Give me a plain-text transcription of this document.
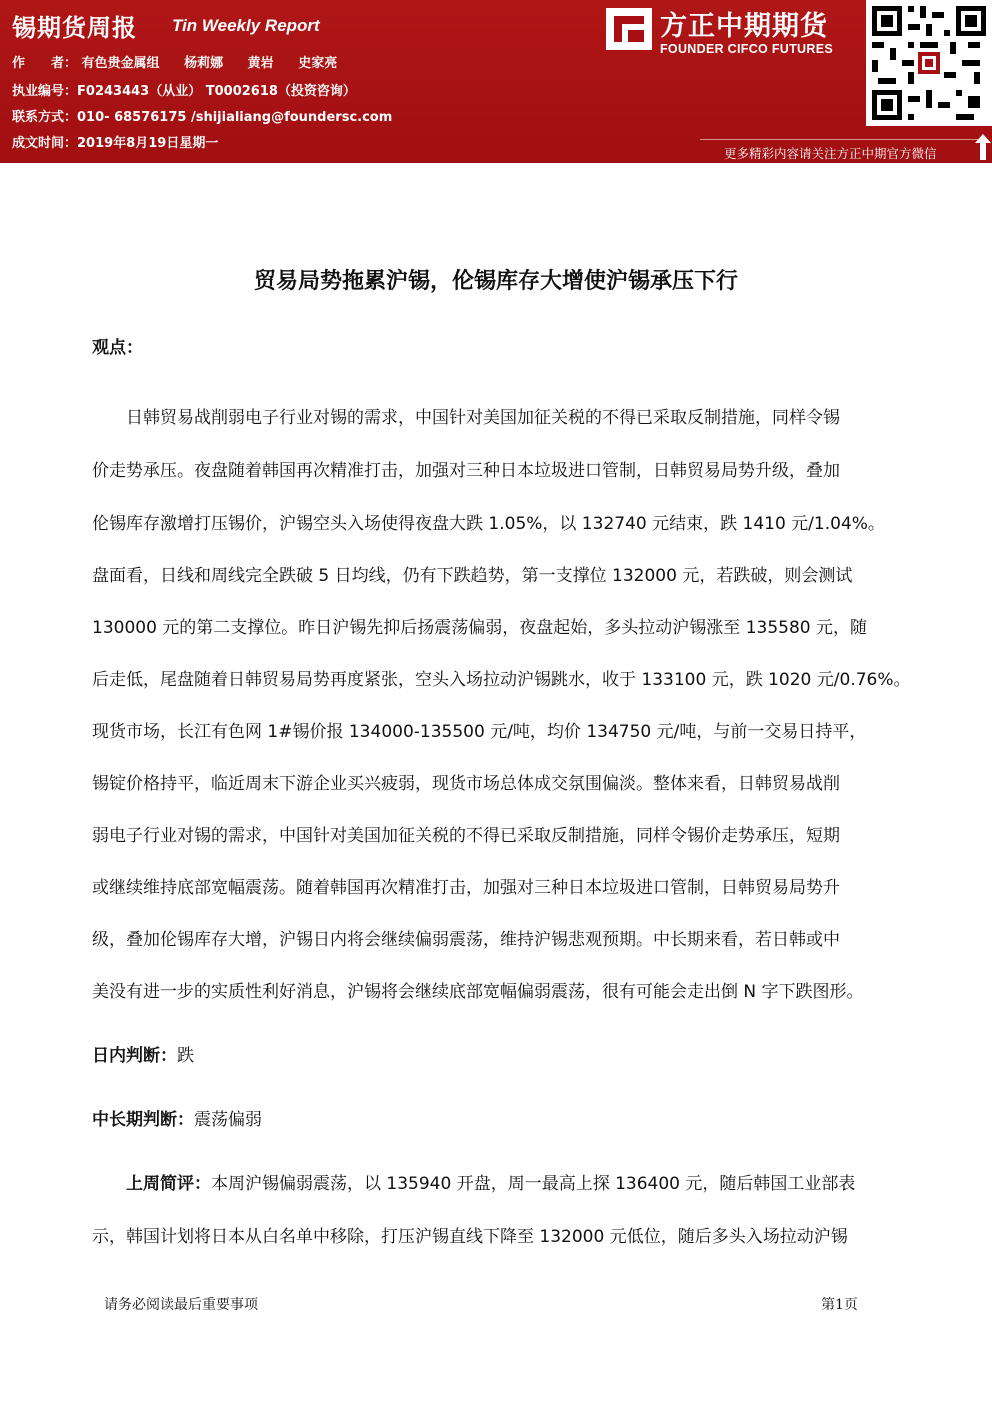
锡期货周报 Tin Weekly Report
作　　者： 有色贵金属组 杨莉娜 黄岩 史家亮
执业编号：F0243443（从业） T0002618（投资咨询）
联系方式：010- 68576175 /shijialiang@foundersc.com
成文时间：2019年8月19日星期一
方正中期期货
FOUNDER CIFCO FUTURES
更多精彩内容请关注方正中期官方微信
贸易局势拖累沪锡，伦锡库存大增使沪锡承压下行
观点：
　　日韩贸易战削弱电子行业对锡的需求，中国针对美国加征关税的不得已采取反制措施，同样令锡
价走势承压。夜盘随着韩国再次精准打击，加强对三种日本垃圾进口管制，日韩贸易局势升级，叠加
伦锡库存激增打压锡价，沪锡空头入场使得夜盘大跌 1.05%，以 132740 元结束，跌 1410 元/1.04%。
盘面看，日线和周线完全跌破 5 日均线，仍有下跌趋势，第一支撑位 132000 元，若跌破，则会测试
130000 元的第二支撑位。昨日沪锡先抑后扬震荡偏弱，夜盘起始，多头拉动沪锡涨至 135580 元，随
后走低，尾盘随着日韩贸易局势再度紧张，空头入场拉动沪锡跳水，收于 133100 元，跌 1020 元/0.76%。
现货市场，长江有色网 1#锡价报 134000-135500 元/吨，均价 134750 元/吨，与前一交易日持平，
锡锭价格持平，临近周末下游企业买兴疲弱，现货市场总体成交氛围偏淡。整体来看，日韩贸易战削
弱电子行业对锡的需求，中国针对美国加征关税的不得已采取反制措施，同样令锡价走势承压，短期
或继续维持底部宽幅震荡。随着韩国再次精准打击，加强对三种日本垃圾进口管制，日韩贸易局势升
级，叠加伦锡库存大增，沪锡日内将会继续偏弱震荡，维持沪锡悲观预期。中长期来看，若日韩或中
美没有进一步的实质性利好消息，沪锡将会继续底部宽幅偏弱震荡，很有可能会走出倒 N 字下跌图形。
日内判断：跌
中长期判断：震荡偏弱
上周简评：本周沪锡偏弱震荡，以 135940 开盘，周一最高上探 136400 元，随后韩国工业部表
示，韩国计划将日本从白名单中移除，打压沪锡直线下降至 132000 元低位，随后多头入场拉动沪锡
请务必阅读最后重要事项	第1页
